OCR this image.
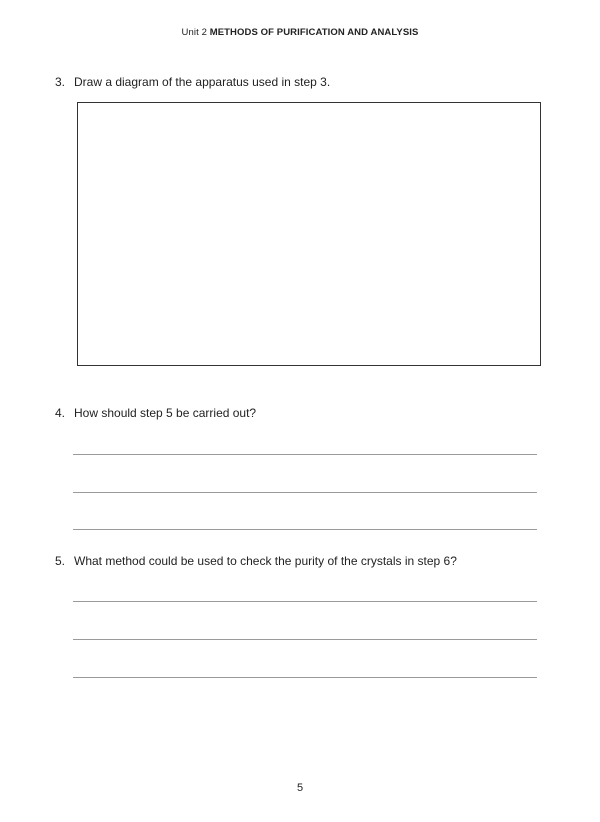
Unit 2 METHODS OF PURIFICATION AND ANALYSIS
3. Draw a diagram of the apparatus used in step 3.
4. How should step 5 be carried out?
5. What method could be used to check the purity of the crystals in step 6?
5
